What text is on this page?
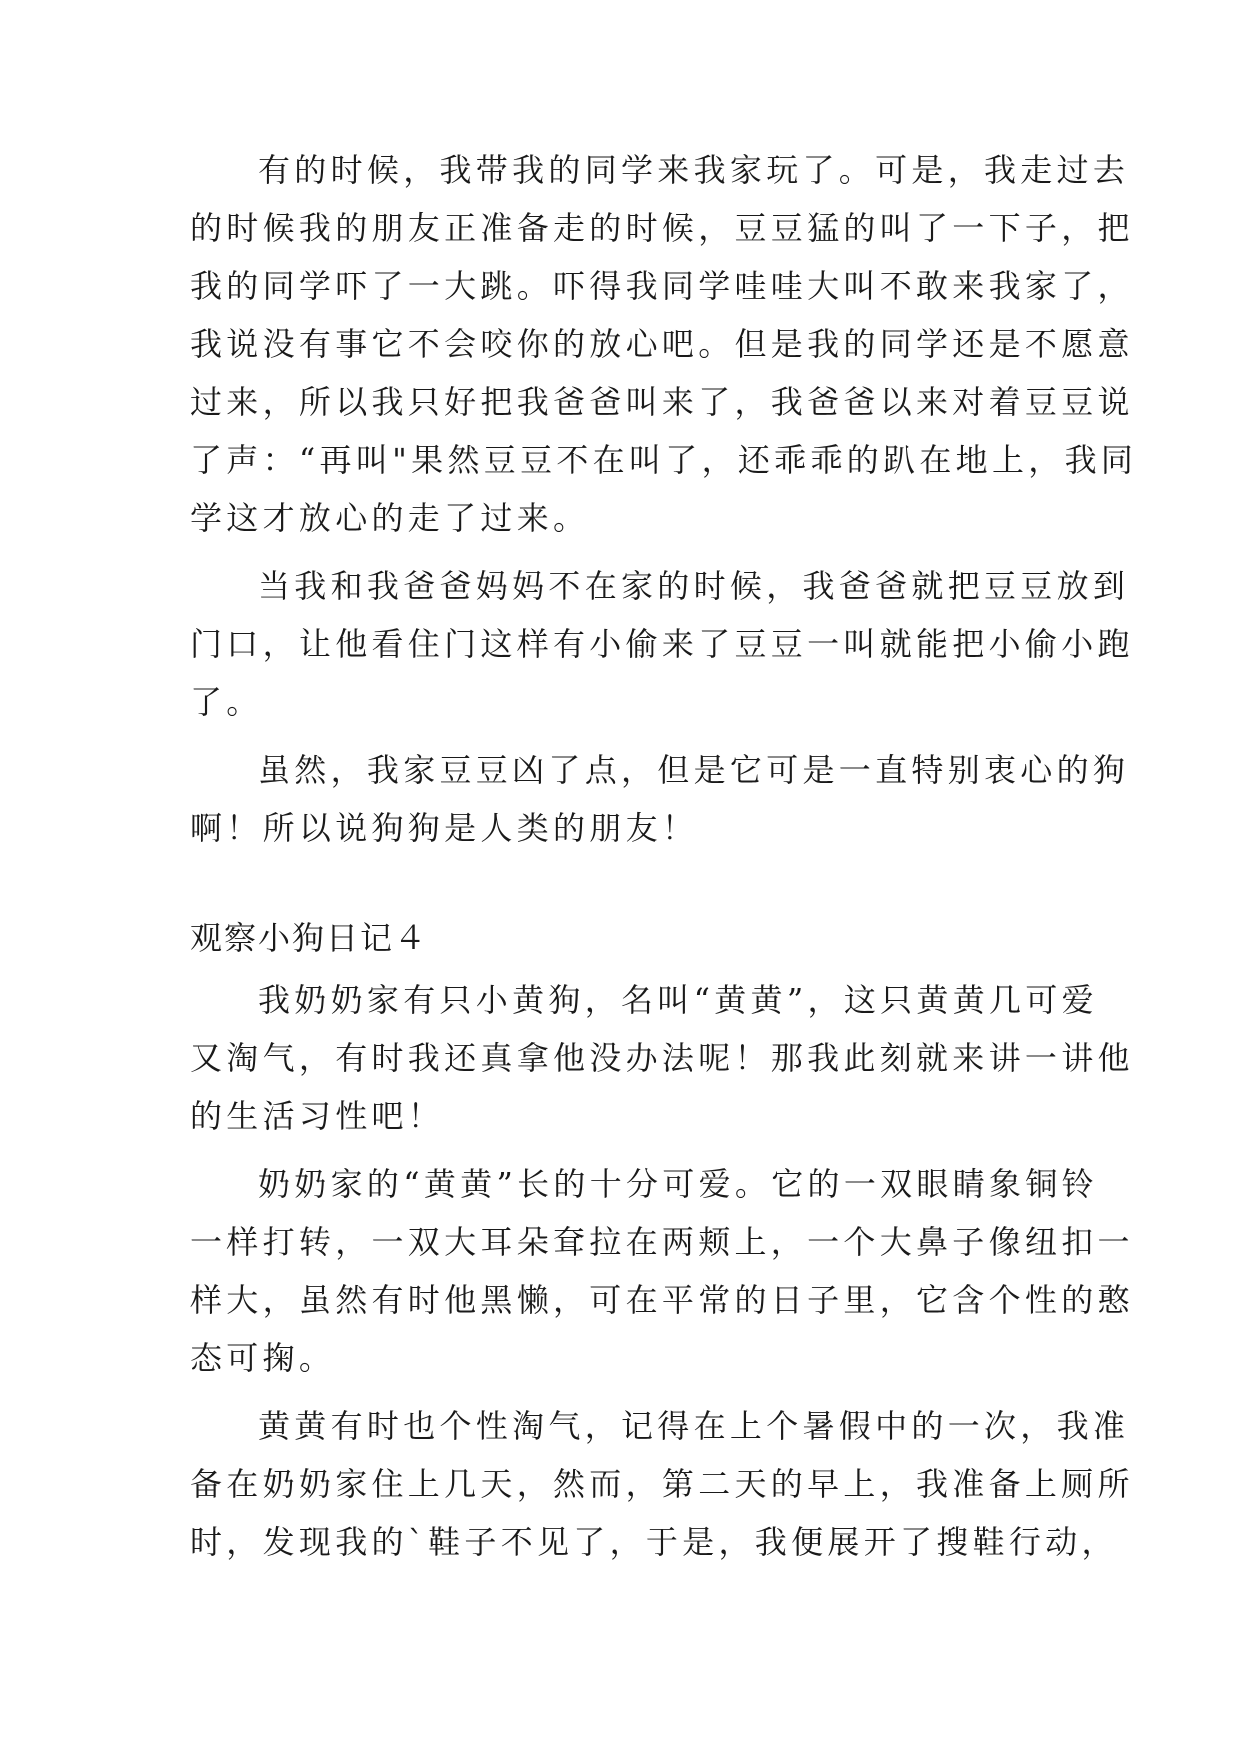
有的时候，我带我的同学来我家玩了。可是，我走过去
的时候我的朋友正准备走的时候，豆豆猛的叫了一下子，把
我的同学吓了一大跳。吓得我同学哇哇大叫不敢来我家了，
我说没有事它不会咬你的放心吧。但是我的同学还是不愿意
过来，所以我只好把我爸爸叫来了，我爸爸以来对着豆豆说
了声：“再叫"果然豆豆不在叫了，还乖乖的趴在地上，我同
学这才放心的走了过来。
当我和我爸爸妈妈不在家的时候，我爸爸就把豆豆放到
门口，让他看住门这样有小偷来了豆豆一叫就能把小偷小跑
了。
虽然，我家豆豆凶了点，但是它可是一直特别衷心的狗
啊！所以说狗狗是人类的朋友！
观察小狗日记４
我奶奶家有只小黄狗，名叫“黄黄”，这只黄黄几可爱
又淘气，有时我还真拿他没办法呢！那我此刻就来讲一讲他
的生活习性吧！
奶奶家的“黄黄”长的十分可爱。它的一双眼睛象铜铃
一样打转，一双大耳朵耷拉在两颊上，一个大鼻子像纽扣一
样大，虽然有时他黑懒，可在平常的日子里，它含个性的憨
态可掬。
黄黄有时也个性淘气，记得在上个暑假中的一次，我准
备在奶奶家住上几天，然而，第二天的早上，我准备上厕所
时，发现我的`鞋子不见了，于是，我便展开了搜鞋行动，
